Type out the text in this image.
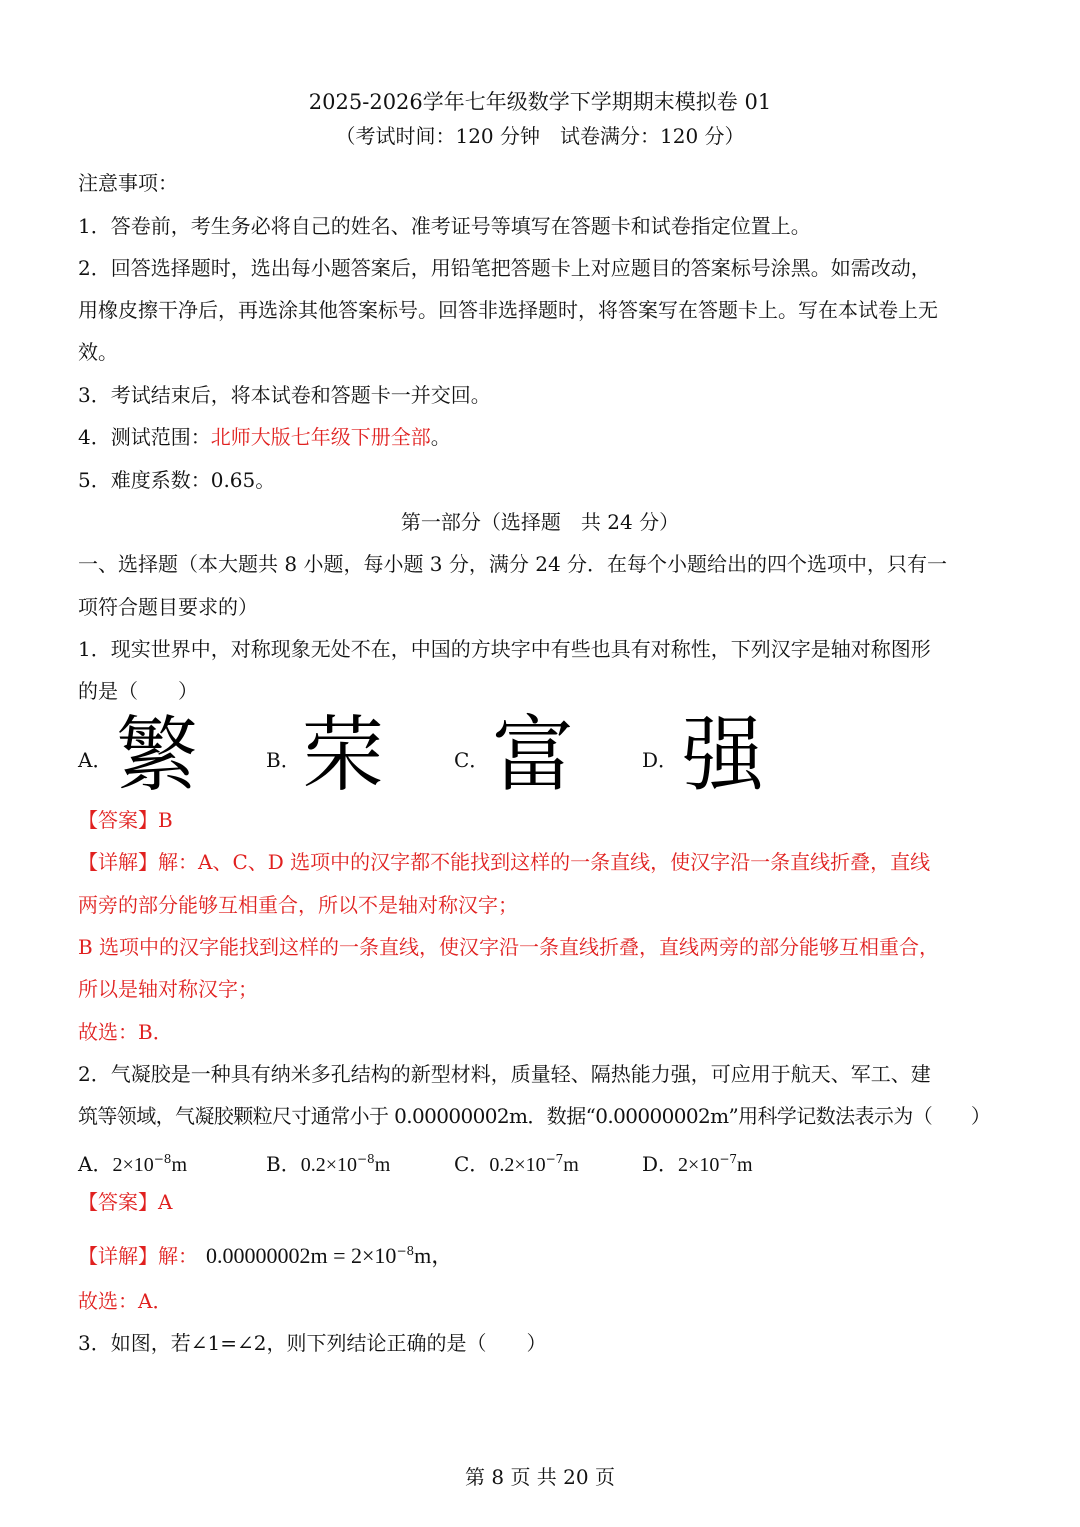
2025-2026学年七年级数学下学期期末模拟卷 01
（考试时间：120 分钟　试卷满分：120 分）
注意事项：
1．答卷前，考生务必将自己的姓名、准考证号等填写在答题卡和试卷指定位置上。
2．回答选择题时，选出每小题答案后，用铅笔把答题卡上对应题目的答案标号涂黑。如需改动，
用橡皮擦干净后，再选涂其他答案标号。回答非选择题时，将答案写在答题卡上。写在本试卷上无
效。
3．考试结束后，将本试卷和答题卡一并交回。
4．测试范围：北师大版七年级下册全部。
5．难度系数：0.65。
第一部分（选择题　共 24 分）
一、选择题（本大题共 8 小题，每小题 3 分，满分 24 分．在每个小题给出的四个选项中，只有一
项符合题目要求的）
1．现实世界中，对称现象无处不在，中国的方块字中有些也具有对称性，下列汉字是轴对称图形
的是（　　）
A． 繁	B． 荣	C． 富	D． 强
【答案】B
【详解】解：A、C、D 选项中的汉字都不能找到这样的一条直线，使汉字沿一条直线折叠，直线
两旁的部分能够互相重合，所以不是轴对称汉字；
B 选项中的汉字能找到这样的一条直线，使汉字沿一条直线折叠，直线两旁的部分能够互相重合，
所以是轴对称汉字；
故选：B．
2．气凝胶是一种具有纳米多孔结构的新型材料，质量轻、隔热能力强，可应用于航天、军工、建
筑等领域，气凝胶颗粒尺寸通常小于 0.00000002m．数据“0.00000002m”用科学记数法表示为（　　）
A．$2\times 10^{-8}m$	B．$0.2\times 10^{-8}m$	C．$0.2\times 10^{-7}m$	D．$2\times 10^{-7}m$
【答案】A
【详解】解： $0.00000002m = 2\times 10^{-8}m$，
故选：A．
3．如图，若∠1=∠2，则下列结论正确的是（　　）
第 8 页 共 20 页
